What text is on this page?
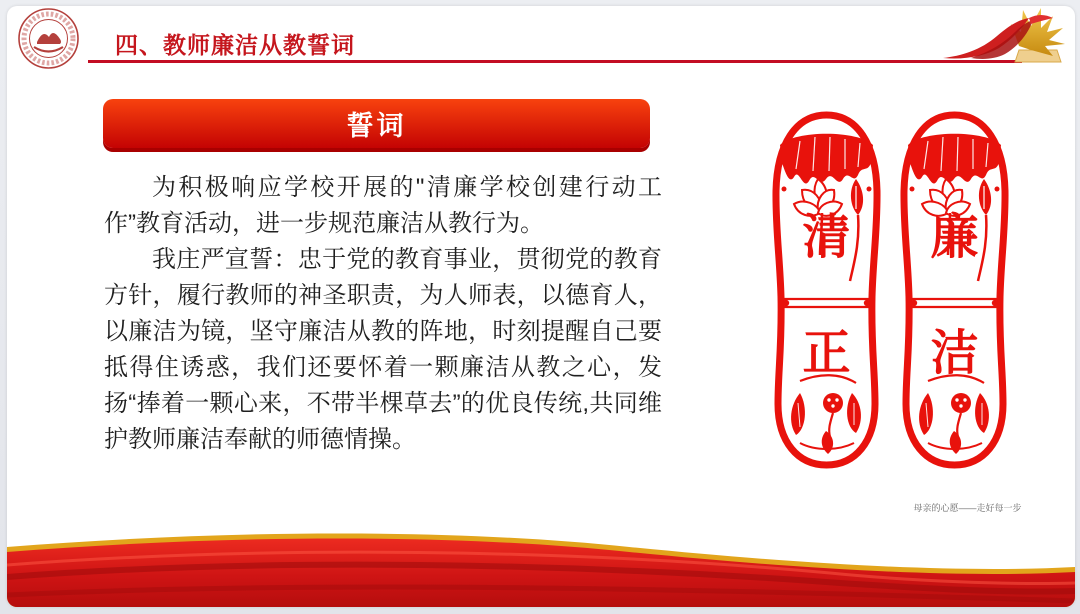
四、教师廉洁从教誓词
誓词

为积极响应学校开展的"清廉学校创建行动工作”教育活动，进一步规范廉洁从教行为。

我庄严宣誓：忠于党的教育事业，贯彻党的教育方针，履行教师的神圣职责，为人师表，以德育人，以廉洁为镜，坚守廉洁从教的阵地，时刻提醒自己要抵得住诱惑，我们还要怀着一颗廉洁从教之心，发扬“捧着一颗心来，不带半棵草去”的优良传统,共同维护教师廉洁奉献的师德情操。

清
正
廉
洁
母亲的心愿——走好每一步
